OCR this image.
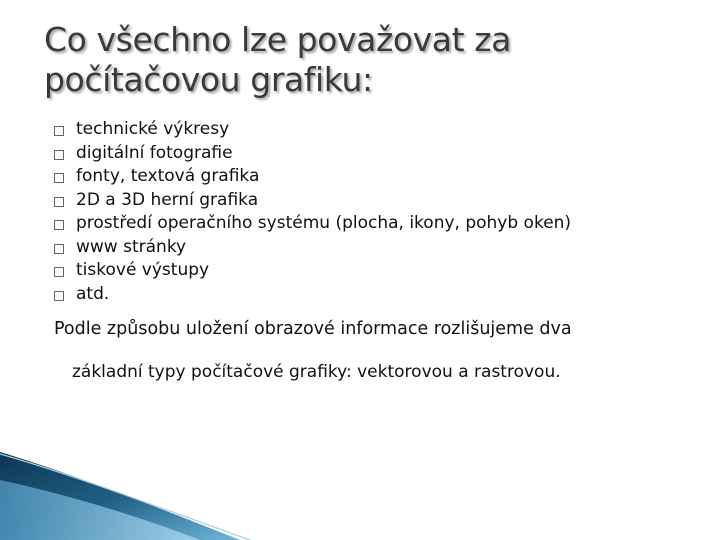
Co všechno lze považovat za počítačovou grafiku:
technické výkresy
digitální fotografie
fonty, textová grafika
2D a 3D herní grafika
prostředí operačního systému (plocha, ikony, pohyb oken)
www stránky
tiskové výstupy
atd.
Podle způsobu uložení obrazové informace rozlišujeme dva
základní typy počítačové grafiky: vektorovou a rastrovou.
